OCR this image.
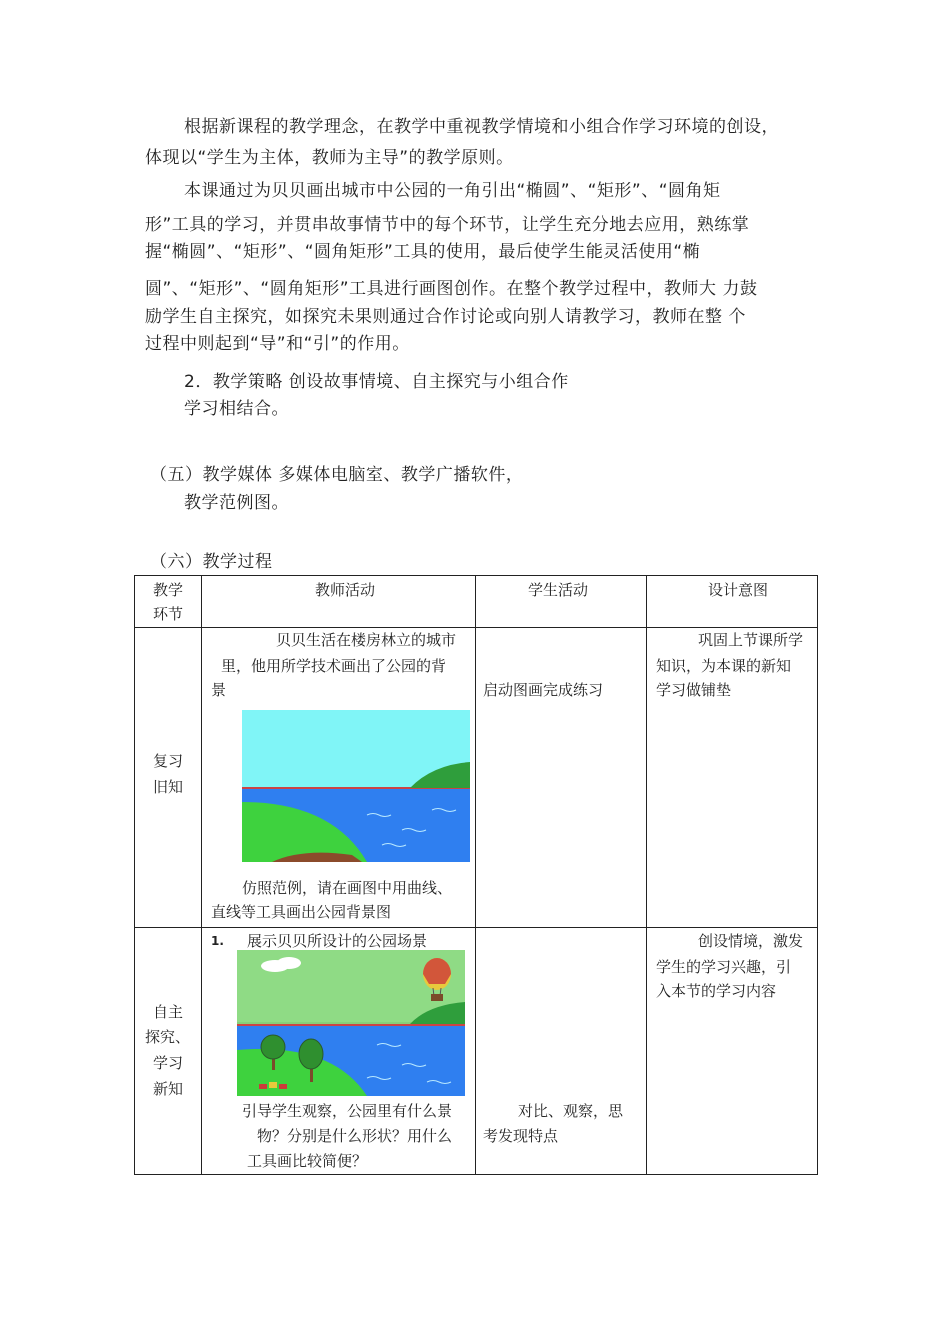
根据新课程的教学理念，在教学中重视教学情境和小组合作学习环境的创设，
体现以“学生为主体，教师为主导”的教学原则。
本课通过为贝贝画出城市中公园的一角引出“椭圆”、“矩形”、“圆角矩
形”工具的学习，并贯串故事情节中的每个环节，让学生充分地去应用，熟练掌
握“椭圆”、“矩形”、“圆角矩形”工具的使用，最后使学生能灵活使用“椭
圆”、“矩形”、“圆角矩形”工具进行画图创作。在整个教学过程中，教师大 力鼓
励学生自主探究，如探究未果则通过合作讨论或向别人请教学习，教师在整 个
过程中则起到“导”和“引”的作用。
2．教学策略 创设故事情境、自主探究与小组合作
学习相结合。
（五）教学媒体 多媒体电脑室、教学广播软件，
教学范例图。
（六）教学过程
教学
环节
教师活动	学生活动	设计意图
复习
旧知
贝贝生活在楼房林立的城市
里，他用所学技术画出了公园的背
景
仿照范例，请在画图中用曲线、
直线等工具画出公园背景图
启动图画完成练习
巩固上节课所学
知识，为本课的新知
学习做铺垫
自主
探究、
学习
新知
1. 展示贝贝所设计的公园场景
引导学生观察，公园里有什么景
物？分别是什么形状？用什么
工具画比较简便？
对比、观察，思
考发现特点
创设情境，激发
学生的学习兴趣，引
入本节的学习内容
